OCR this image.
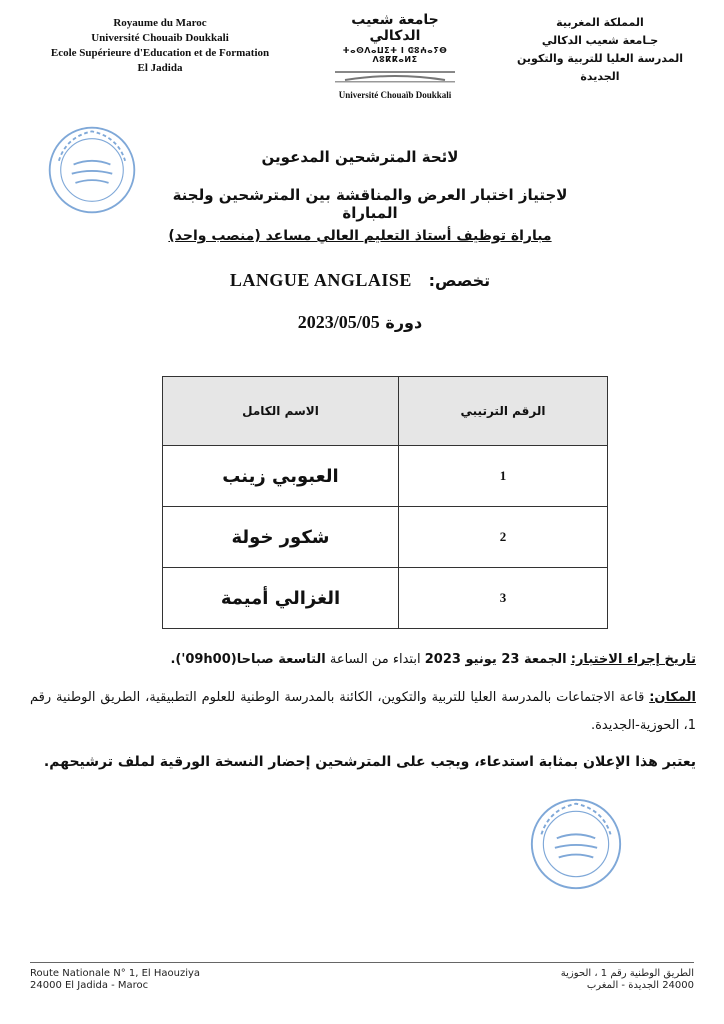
Royaume du Maroc
Université Chouaib Doukkali
Ecole Supérieure d'Education et de Formation
El Jadida
جامعة شعيب الدكالي
ⵜⴰⵙⴷⴰⵡⵉⵜ ⵏ ⵛⵓⵄⴰⵢⴱ ⴷⵓⴽⴽⴰⵍⵉ
Université Chouaïb Doukkali
المملكة المغربية
جـامعة شعيب الدكالي
المدرسة العليا للتربية والتكوين
الجديدة
لائحة المترشحين المدعوين
لاجتياز اختبار العرض والمناقشة بين المترشحين ولجنة المباراة
مباراة توظيف أستاذ التعليم العالي مساعد (منصب واحد)
تخصص:   LANGUE ANGLAISE
دورة 2023/05/05
الرقم الترتيبي	الاسم الكامل
1	العبوبي زينب
2	شكور خولة
3	الغزالي أميمة
تاريخ إجراء الاختبار: الجمعة 23 يونيو 2023 ابتداء من الساعة التاسعة صباحا(09h00').
المكان: قاعة الاجتماعات بالمدرسة العليا للتربية والتكوين، الكائنة بالمدرسة الوطنية للعلوم التطبيقية، الطريق الوطنية رقم 1، الحوزية-الجديدة.
يعتبر هذا الإعلان بمثابة استدعاء، ويجب على المترشحين إحضار النسخة الورقية لملف ترشيحهم.
Route Nationale N° 1, El Haouziya
24000 El Jadida - Maroc
الطريق الوطنية رقم 1 ، الحوزية
24000 الجديدة - المغرب
